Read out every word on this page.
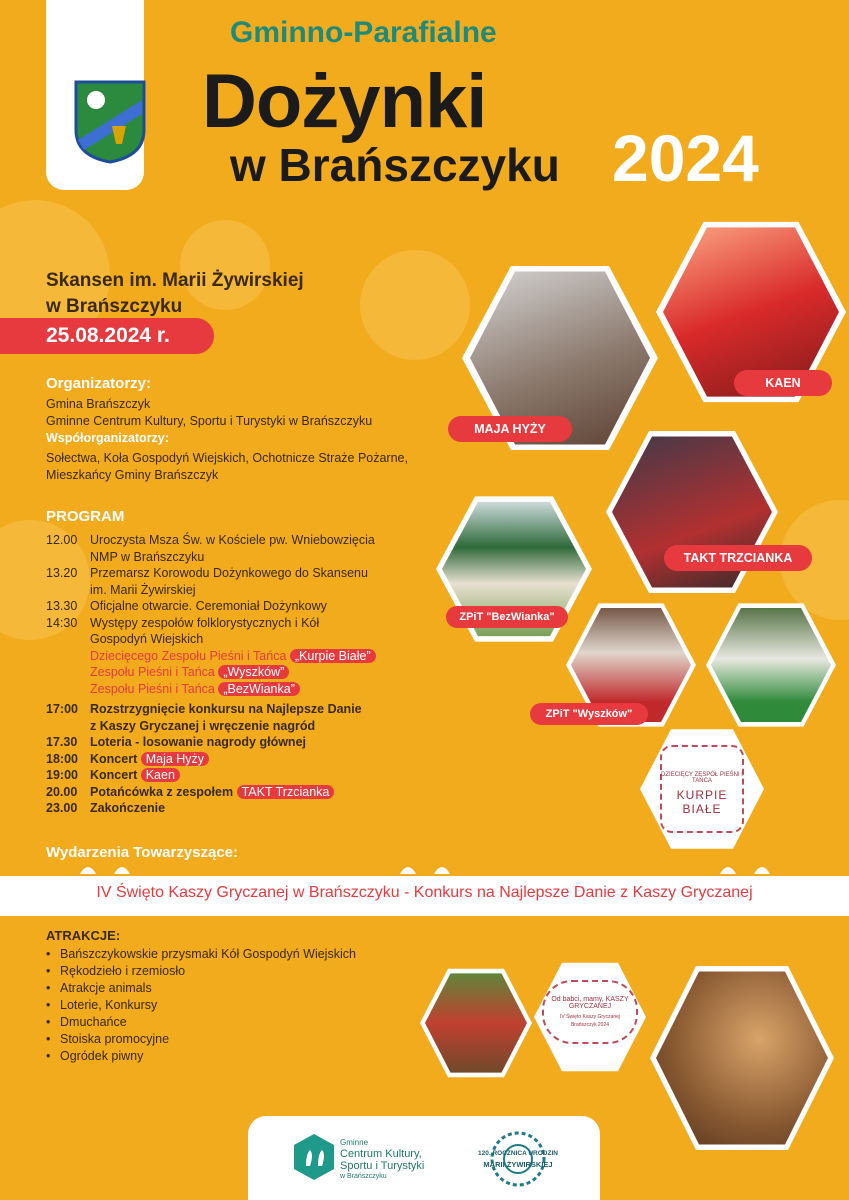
Gminno-Parafialne
Dożynki
w Brańszczyku 2024
Skansen im. Marii Żywirskiej
w Brańszczyku
25.08.2024 r.
Organizatorzy:
Gmina Brańszczyk
Gminne Centrum Kultury, Sportu i Turystyki w Brańszczyku
Współorganizatorzy:
Sołectwa, Koła Gospodyń Wiejskich, Ochotnicze Straże Pożarne,
Mieszkańcy Gminy Brańszczyk
PROGRAM
12.00	Uroczysta Msza Św. w Kościele pw. Wniebowzięcia
NMP w Brańszczyku
13.20	Przemarsz Korowodu Dożynkowego do Skansenu
im. Marii Żywirskiej
13.30	Oficjalne otwarcie. Ceremoniał Dożynkowy
14:30	Występy zespołów folklorystycznych i Kół
Gospodyń Wiejskich
Dziecięcego Zespołu Pieśni i Tańca „Kurpie Białe”
Zespołu Pieśni i Tańca „Wyszków”
Zespołu Pieśni i Tańca „BezWianka”
17:00 Rozstrzygnięcie konkursu na Najlepsze Danie
z Kaszy Gryczanej i wręczenie nagród
17.30	Loteria - losowanie nagrody głównej
18:00 Koncert Maja Hyży
19:00 Koncert Kaen
20.00	Potańcówka z zespołem TAKT Trzcianka
23.00	Zakończenie
MAJA HYŻY
KAEN
TAKT TRZCIANKA
ZPiT "BezWianka"
ZPiT "Wyszków"
DZIECIĘCY ZESPÓŁ PIEŚNI I TAŃCA
KURPIE BIAŁE
Wydarzenia Towarzyszące:
IV Święto Kaszy Gryczanej w Brańszczyku - Konkurs na Najlepsze Danie z Kaszy Gryczanej
ATRAKCJE:
• Bańszczykowskie przysmaki Kół Gospodyń Wiejskich
• Rękodzieło i rzemiosło
• Atrakcje animals
• Loterie, Konkursy
• Dmuchańce
• Stoiska promocyjne
• Ogródek piwny
Od babci, mamy, KASZY GRYCZANEJ
IV Święto Kaszy Gryczanej
Brańszczyk 2024
Gminne
Centrum Kultury,
Sportu i Turystyki
w Brańszczyku
120. ROCZNICA URODZIN
MARII ŻYWIRSKIEJ
